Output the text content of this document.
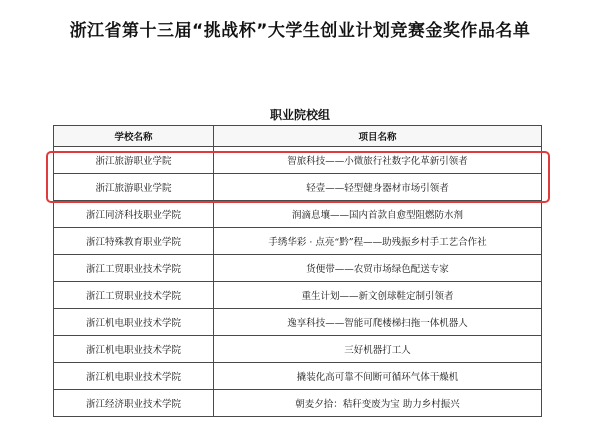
浙江省第十三届“挑战杯”大学生创业计划竞赛金奖作品名单
职业院校组
学校名称	项目名称
浙江旅游职业学院	智旅科技——小微旅行社数字化革新引领者
浙江旅游职业学院	轻壹——轻型健身器材市场引领者
浙江同济科技职业学院	润滴息壤——国内首款自愈型阻燃防水剂
浙江特殊教育职业学院	手绣华彩 · 点亮“黔”程——助残振乡村手工艺合作社
浙江工贸职业技术学院	货便带——农贸市场绿色配送专家
浙江工贸职业技术学院	重生计划——新文创球鞋定制引领者
浙江机电职业技术学院	逸享科技——智能可爬楼梯扫拖一体机器人
浙江机电职业技术学院	三好机器打工人
浙江机电职业技术学院	撬装化高可靠不间断可循环气体干燥机
浙江经济职业技术学院	朝麦夕拾：秸秆变废为宝 助力乡村振兴
